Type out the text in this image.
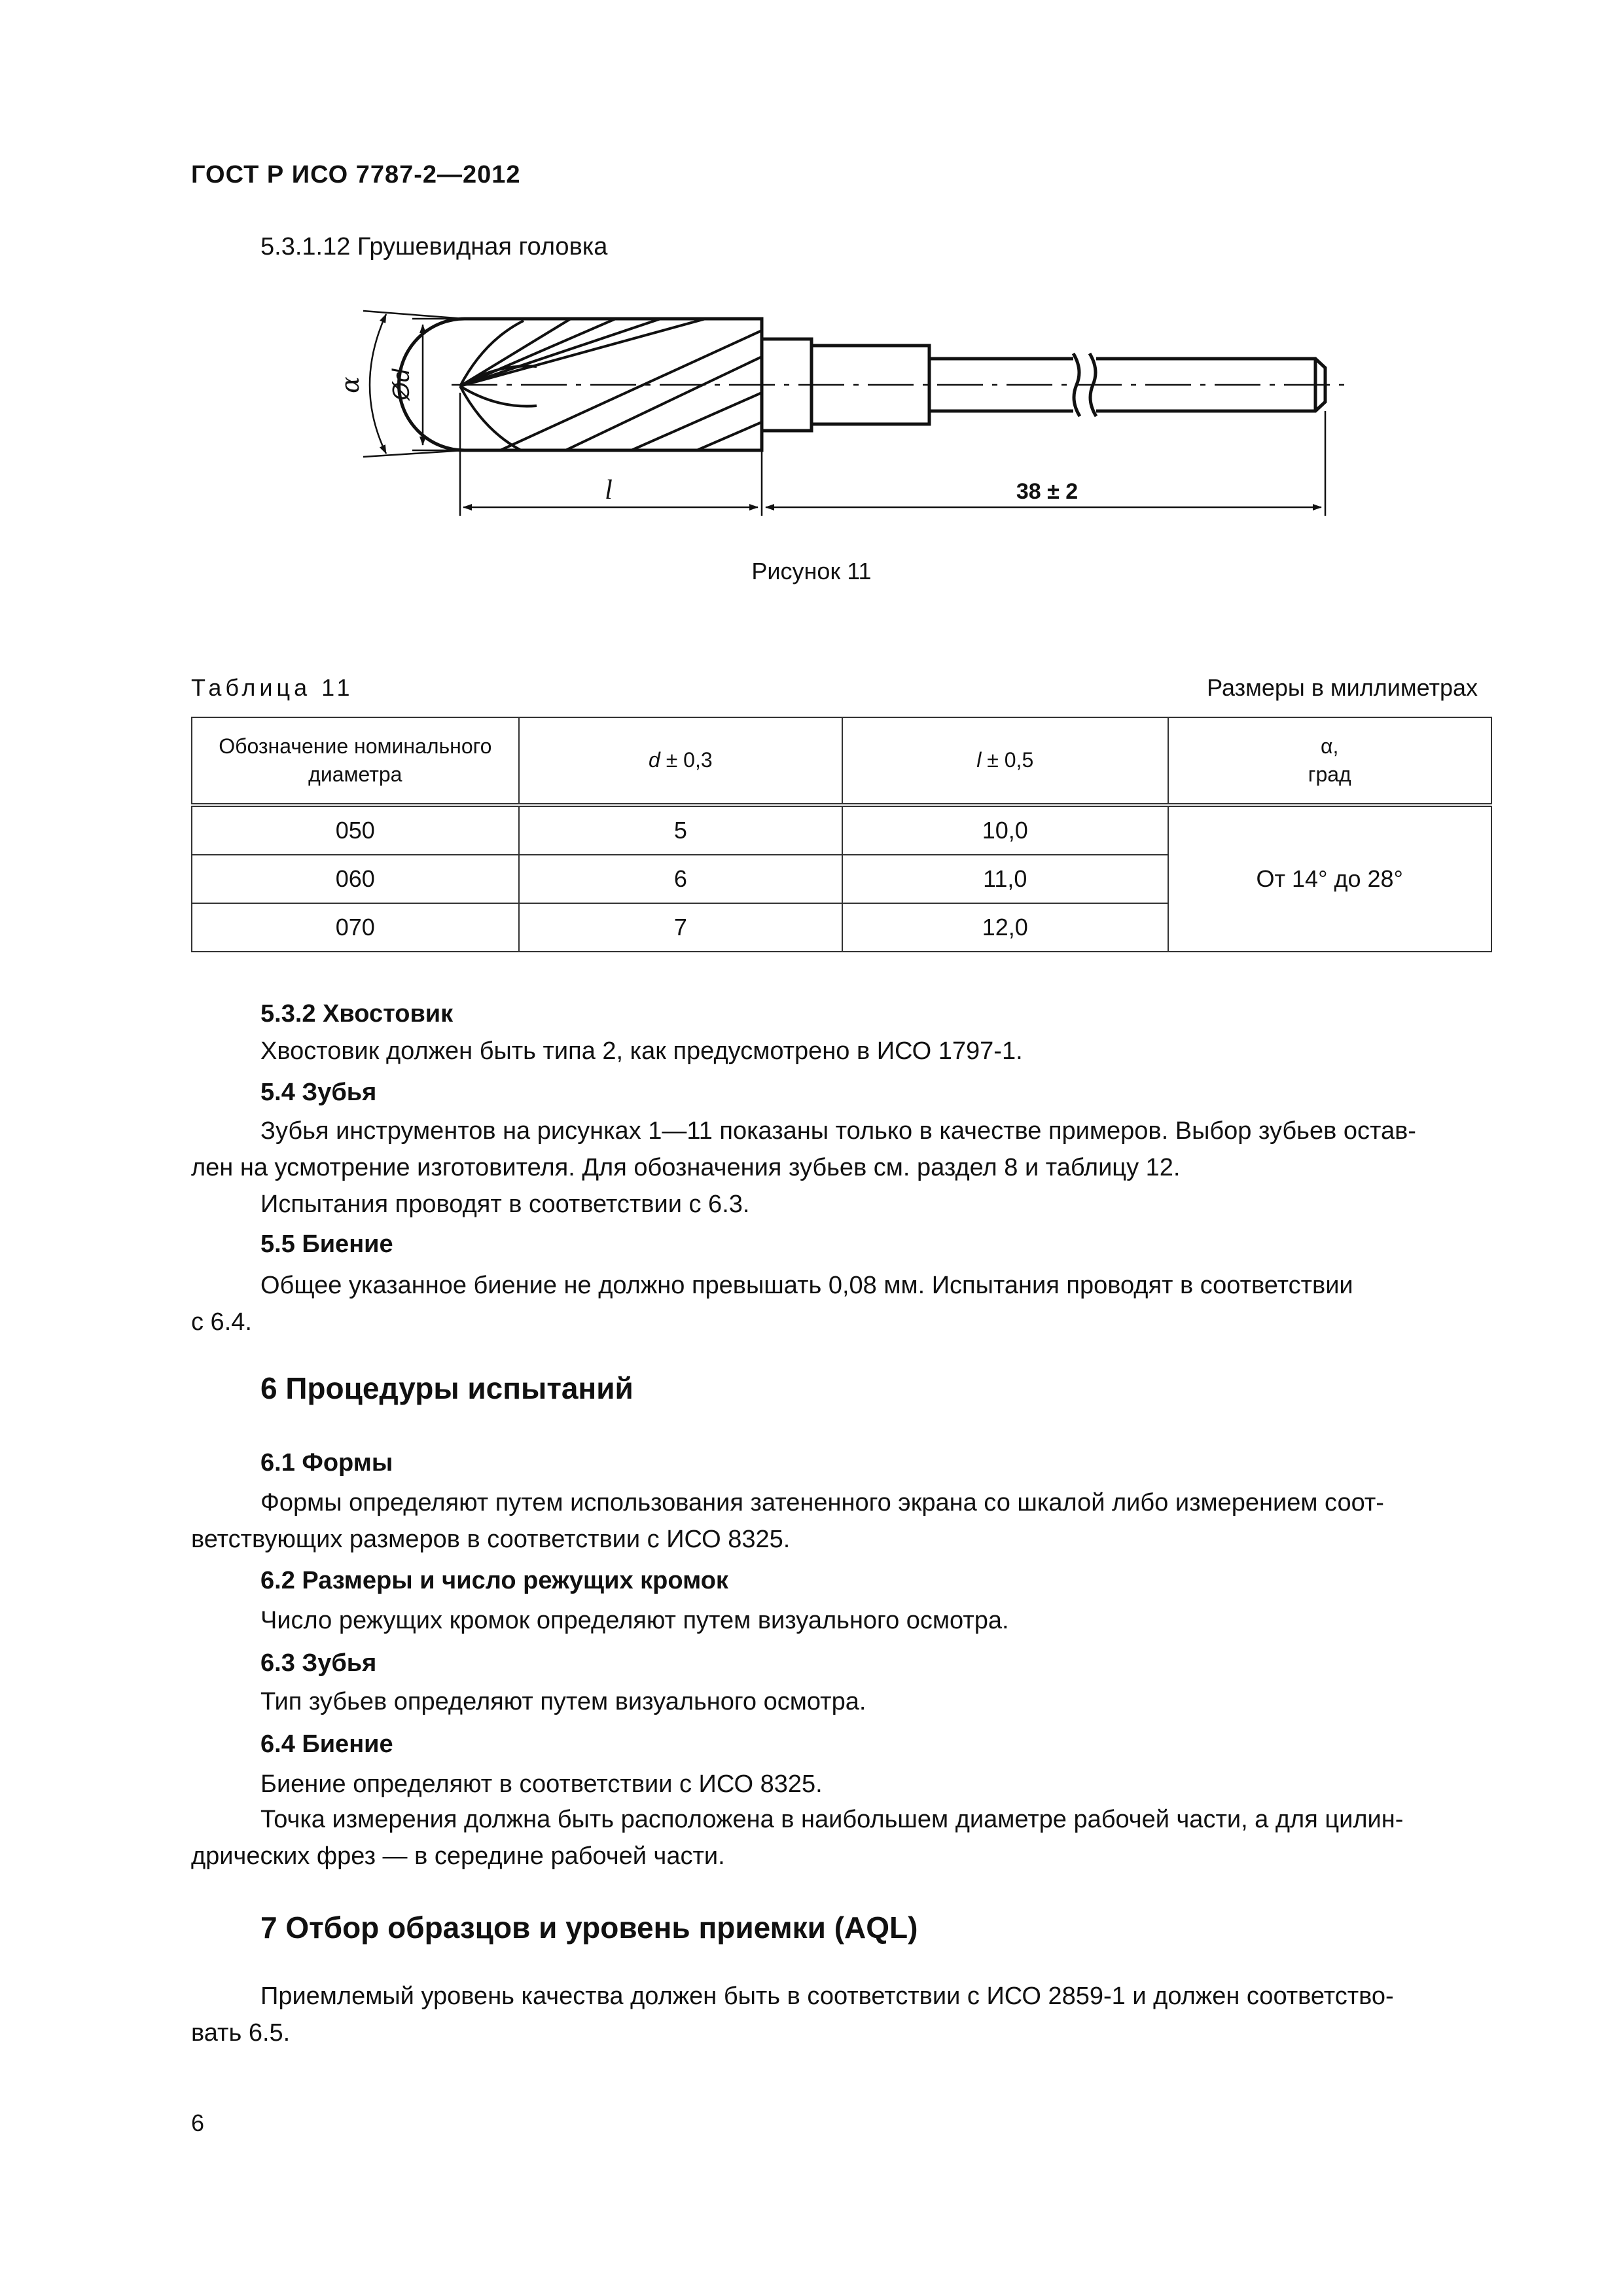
ГОСТ Р ИСО 7787-2—2012
5.3.1.12 Грушевидная головка
α Ød
l	38 ± 2
Рисунок 11
Таблица 11	Размеры в миллиметрах
Обозначение номинального
диаметра	d ± 0,3	l ± 0,5	α,
град
050	5	10,0	От 14° до 28°
060	6	11,0	
070	7	12,0	
5.3.2 Хвостовик
Хвостовик должен быть типа 2, как предусмотрено в ИСО 1797-1.
5.4 Зубья
Зубья инструментов на рисунках 1—11 показаны только в качестве примеров. Выбор зубьев остав-
лен на усмотрение изготовителя. Для обозначения зубьев см. раздел 8 и таблицу 12.
Испытания проводят в соответствии с 6.3.
5.5 Биение
Общее указанное биение не должно превышать 0,08 мм. Испытания проводят в соответствии
с 6.4.
6 Процедуры испытаний
6.1 Формы
Формы определяют путем использования затененного экрана со шкалой либо измерением соот-
ветствующих размеров в соответствии с ИСО 8325.
6.2 Размеры и число режущих кромок
Число режущих кромок определяют путем визуального осмотра.
6.3 Зубья
Тип зубьев определяют путем визуального осмотра.
6.4 Биение
Биение определяют в соответствии с ИСО 8325.
Точка измерения должна быть расположена в наибольшем диаметре рабочей части, а для цилин-
дрических фрез — в середине рабочей части.
7 Отбор образцов и уровень приемки (AQL)
Приемлемый уровень качества должен быть в соответствии с ИСО 2859-1 и должен соответство-
вать 6.5.
6
